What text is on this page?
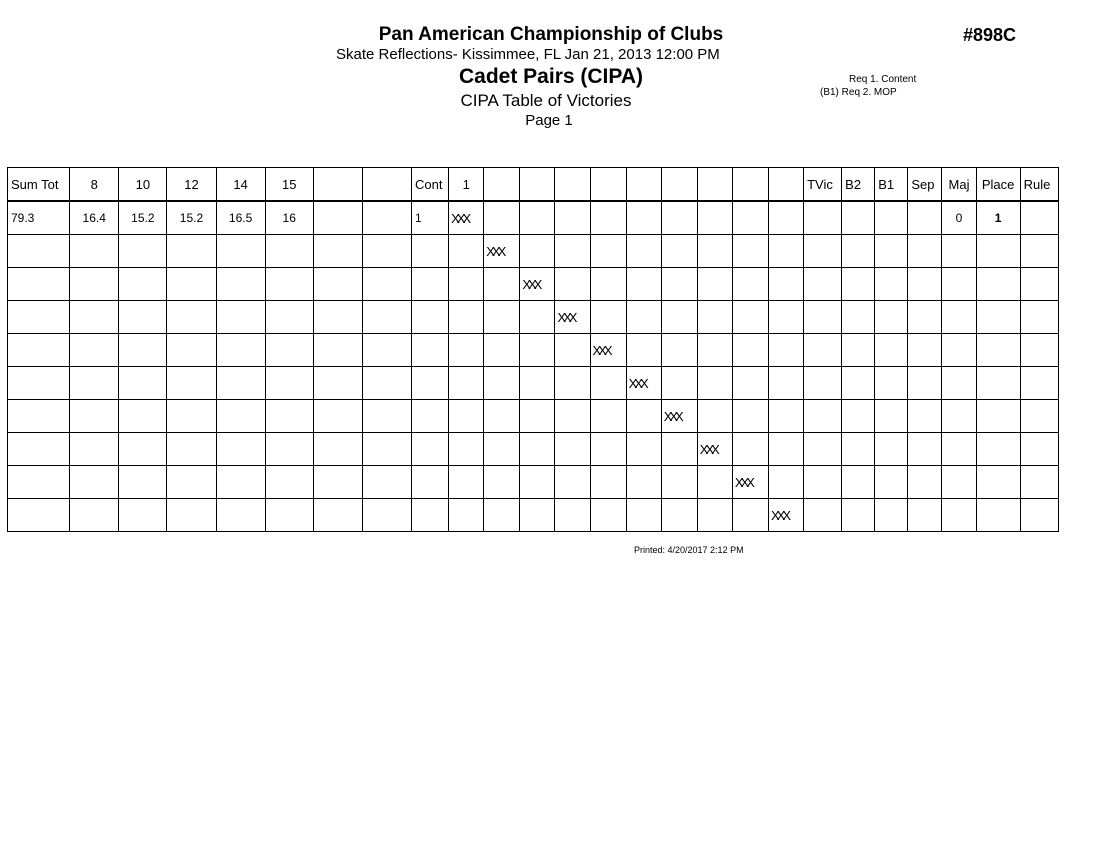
Pan American Championship of Clubs	#898C
Skate Reflections- Kissimmee, FL Jan 21, 2013 12:00 PM
Cadet Pairs (CIPA)	Req 1. Content
(B1) Req 2. MOP
CIPA Table of Victories
Page 1
Sum Tot	8	10	12	14	15			Cont	1										TVic	B2	B1	Sep	Maj	Place	Rule
79.3	16.4	15.2	15.2	16.5	16			1	XXX														0	1	
										XXX															
											XXX														
												XXX													
													XXX												
														XXX											
															XXX										
																XXX									
																	XXX								
																		XXX							
Printed: 4/20/2017 2:12 PM
